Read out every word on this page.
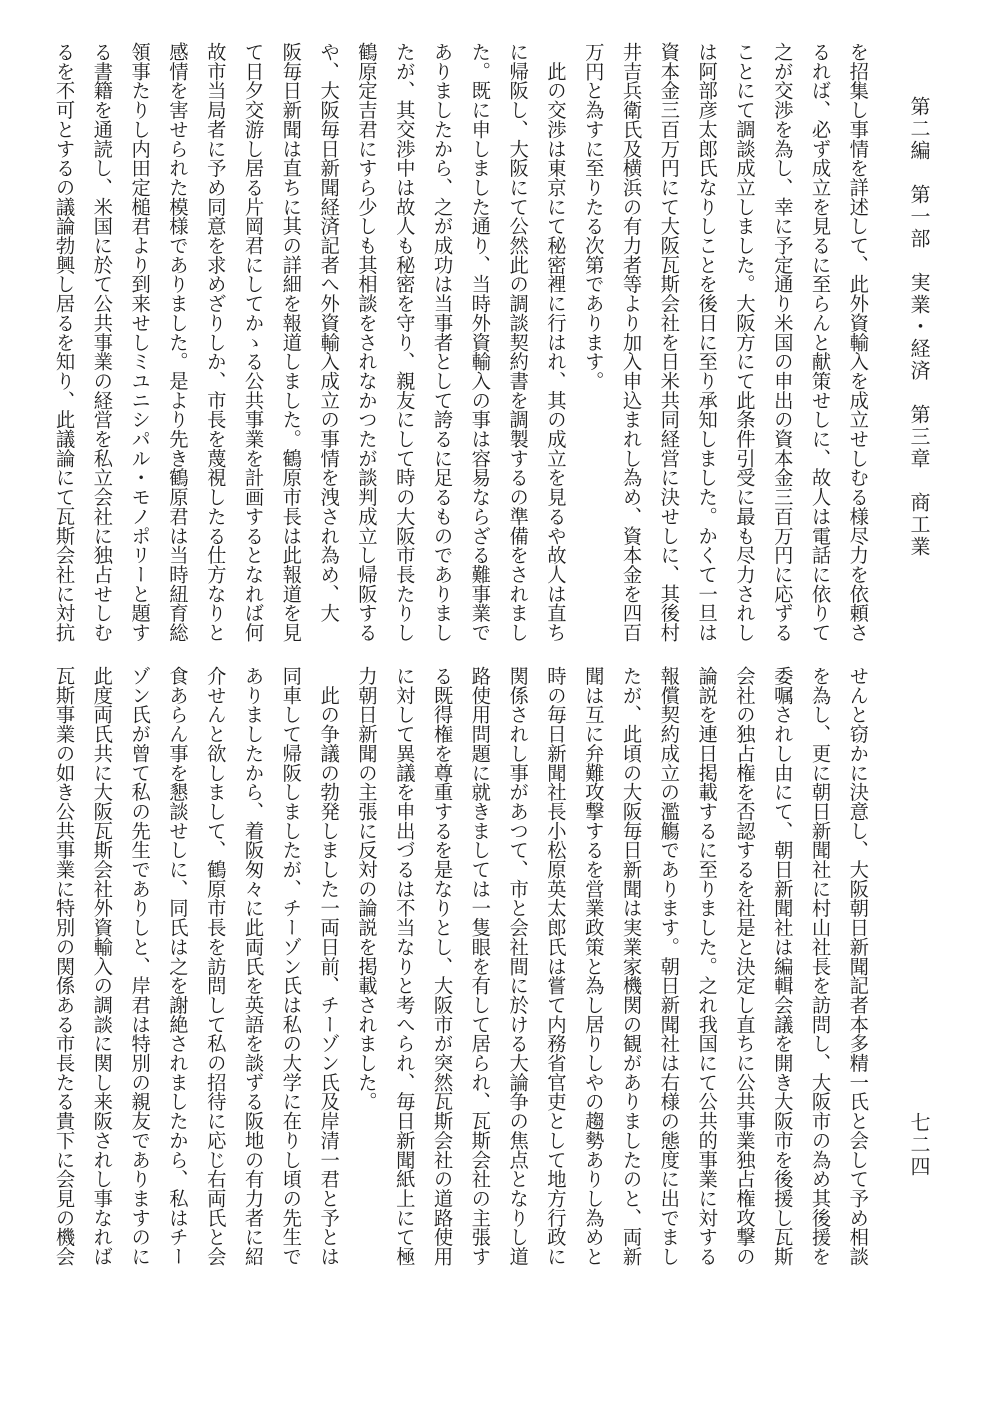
第二編　第一部　実業・経済　第三章　商工業
七二四
を招集し事情を詳述して、此外資輸入を成立せしむる様尽力を依頼さ
るれば、必ず成立を見るに至らんと献策せしに、故人は電話に依りて
之が交渉を為し、幸に予定通り米国の申出の資本金三百万円に応ずる
ことにて調談成立しました。大阪方にて此条件引受に最も尽力されし
は阿部彦太郎氏なりしことを後日に至り承知しました。かくて一旦は
資本金三百万円にて大阪瓦斯会社を日米共同経営に決せしに、其後村
井吉兵衛氏及横浜の有力者等より加入申込まれし為め、資本金を四百
万円と為すに至りたる次第であります。
　此の交渉は東京にて秘密裡に行はれ、其の成立を見るや故人は直ち
に帰阪し、大阪にて公然此の調談契約書を調製するの準備をされまし
た。既に申しました通り、当時外資輸入の事は容易ならざる難事業で
ありましたから、之が成功は当事者として誇るに足るものでありまし
たが、其交渉中は故人も秘密を守り、親友にして時の大阪市長たりし
鶴原定吉君にすら少しも其相談をされなかつたが談判成立し帰阪する
や、大阪毎日新聞経済記者へ外資輸入成立の事情を洩され為め、大
阪毎日新聞は直ちに其の詳細を報道しました。鶴原市長は此報道を見
て日夕交游し居る片岡君にしてかゝる公共事業を計画するとなれば何
故市当局者に予め同意を求めざりしか、市長を蔑視したる仕方なりと
感情を害せられた模様でありました。是より先き鶴原君は当時紐育総
領事たりし内田定槌君より到来せしミユニシパル・モノポリーと題す
る書籍を通読し、米国に於て公共事業の経営を私立会社に独占せしむ
るを不可とするの議論勃興し居るを知り、此議論にて瓦斯会社に対抗
せんと窃かに決意し、大阪朝日新聞記者本多精一氏と会して予め相談
を為し、更に朝日新聞社に村山社長を訪問し、大阪市の為め其後援を
委嘱されし由にて、朝日新聞社は編輯会議を開き大阪市を後援し瓦斯
会社の独占権を否認するを社是と決定し直ちに公共事業独占権攻撃の
論説を連日掲載するに至りました。之れ我国にて公共的事業に対する
報償契約成立の濫觴であります。朝日新聞社は右様の態度に出でまし
たが、此頃の大阪毎日新聞は実業家機関の観がありましたのと、両新
聞は互に弁難攻撃するを営業政策と為し居りしやの趨勢ありし為めと
時の毎日新聞社長小松原英太郎氏は嘗て内務省官吏として地方行政に
関係されし事があつて、市と会社間に於ける大論争の焦点となりし道
路使用問題に就きましては一隻眼を有して居られ、瓦斯会社の主張す
る既得権を尊重するを是なりとし、大阪市が突然瓦斯会社の道路使用
に対して異議を申出づるは不当なりと考へられ、毎日新聞紙上にて極
力朝日新聞の主張に反対の論説を掲載されました。
　此の争議の勃発しました一両日前、チーゾン氏及岸清一君と予とは
同車して帰阪しましたが、チーゾン氏は私の大学に在りし頃の先生で
ありましたから、着阪匆々に此両氏を英語を談ずる阪地の有力者に紹
介せんと欲しまして、鶴原市長を訪問して私の招待に応じ右両氏と会
食あらん事を懇談せしに、同氏は之を謝絶されましたから、私はチー
ゾン氏が曾て私の先生でありしと、岸君は特別の親友でありますのに
此度両氏共に大阪瓦斯会社外資輸入の調談に関し来阪されし事なれば
瓦斯事業の如き公共事業に特別の関係ある市長たる貴下に会見の機会
